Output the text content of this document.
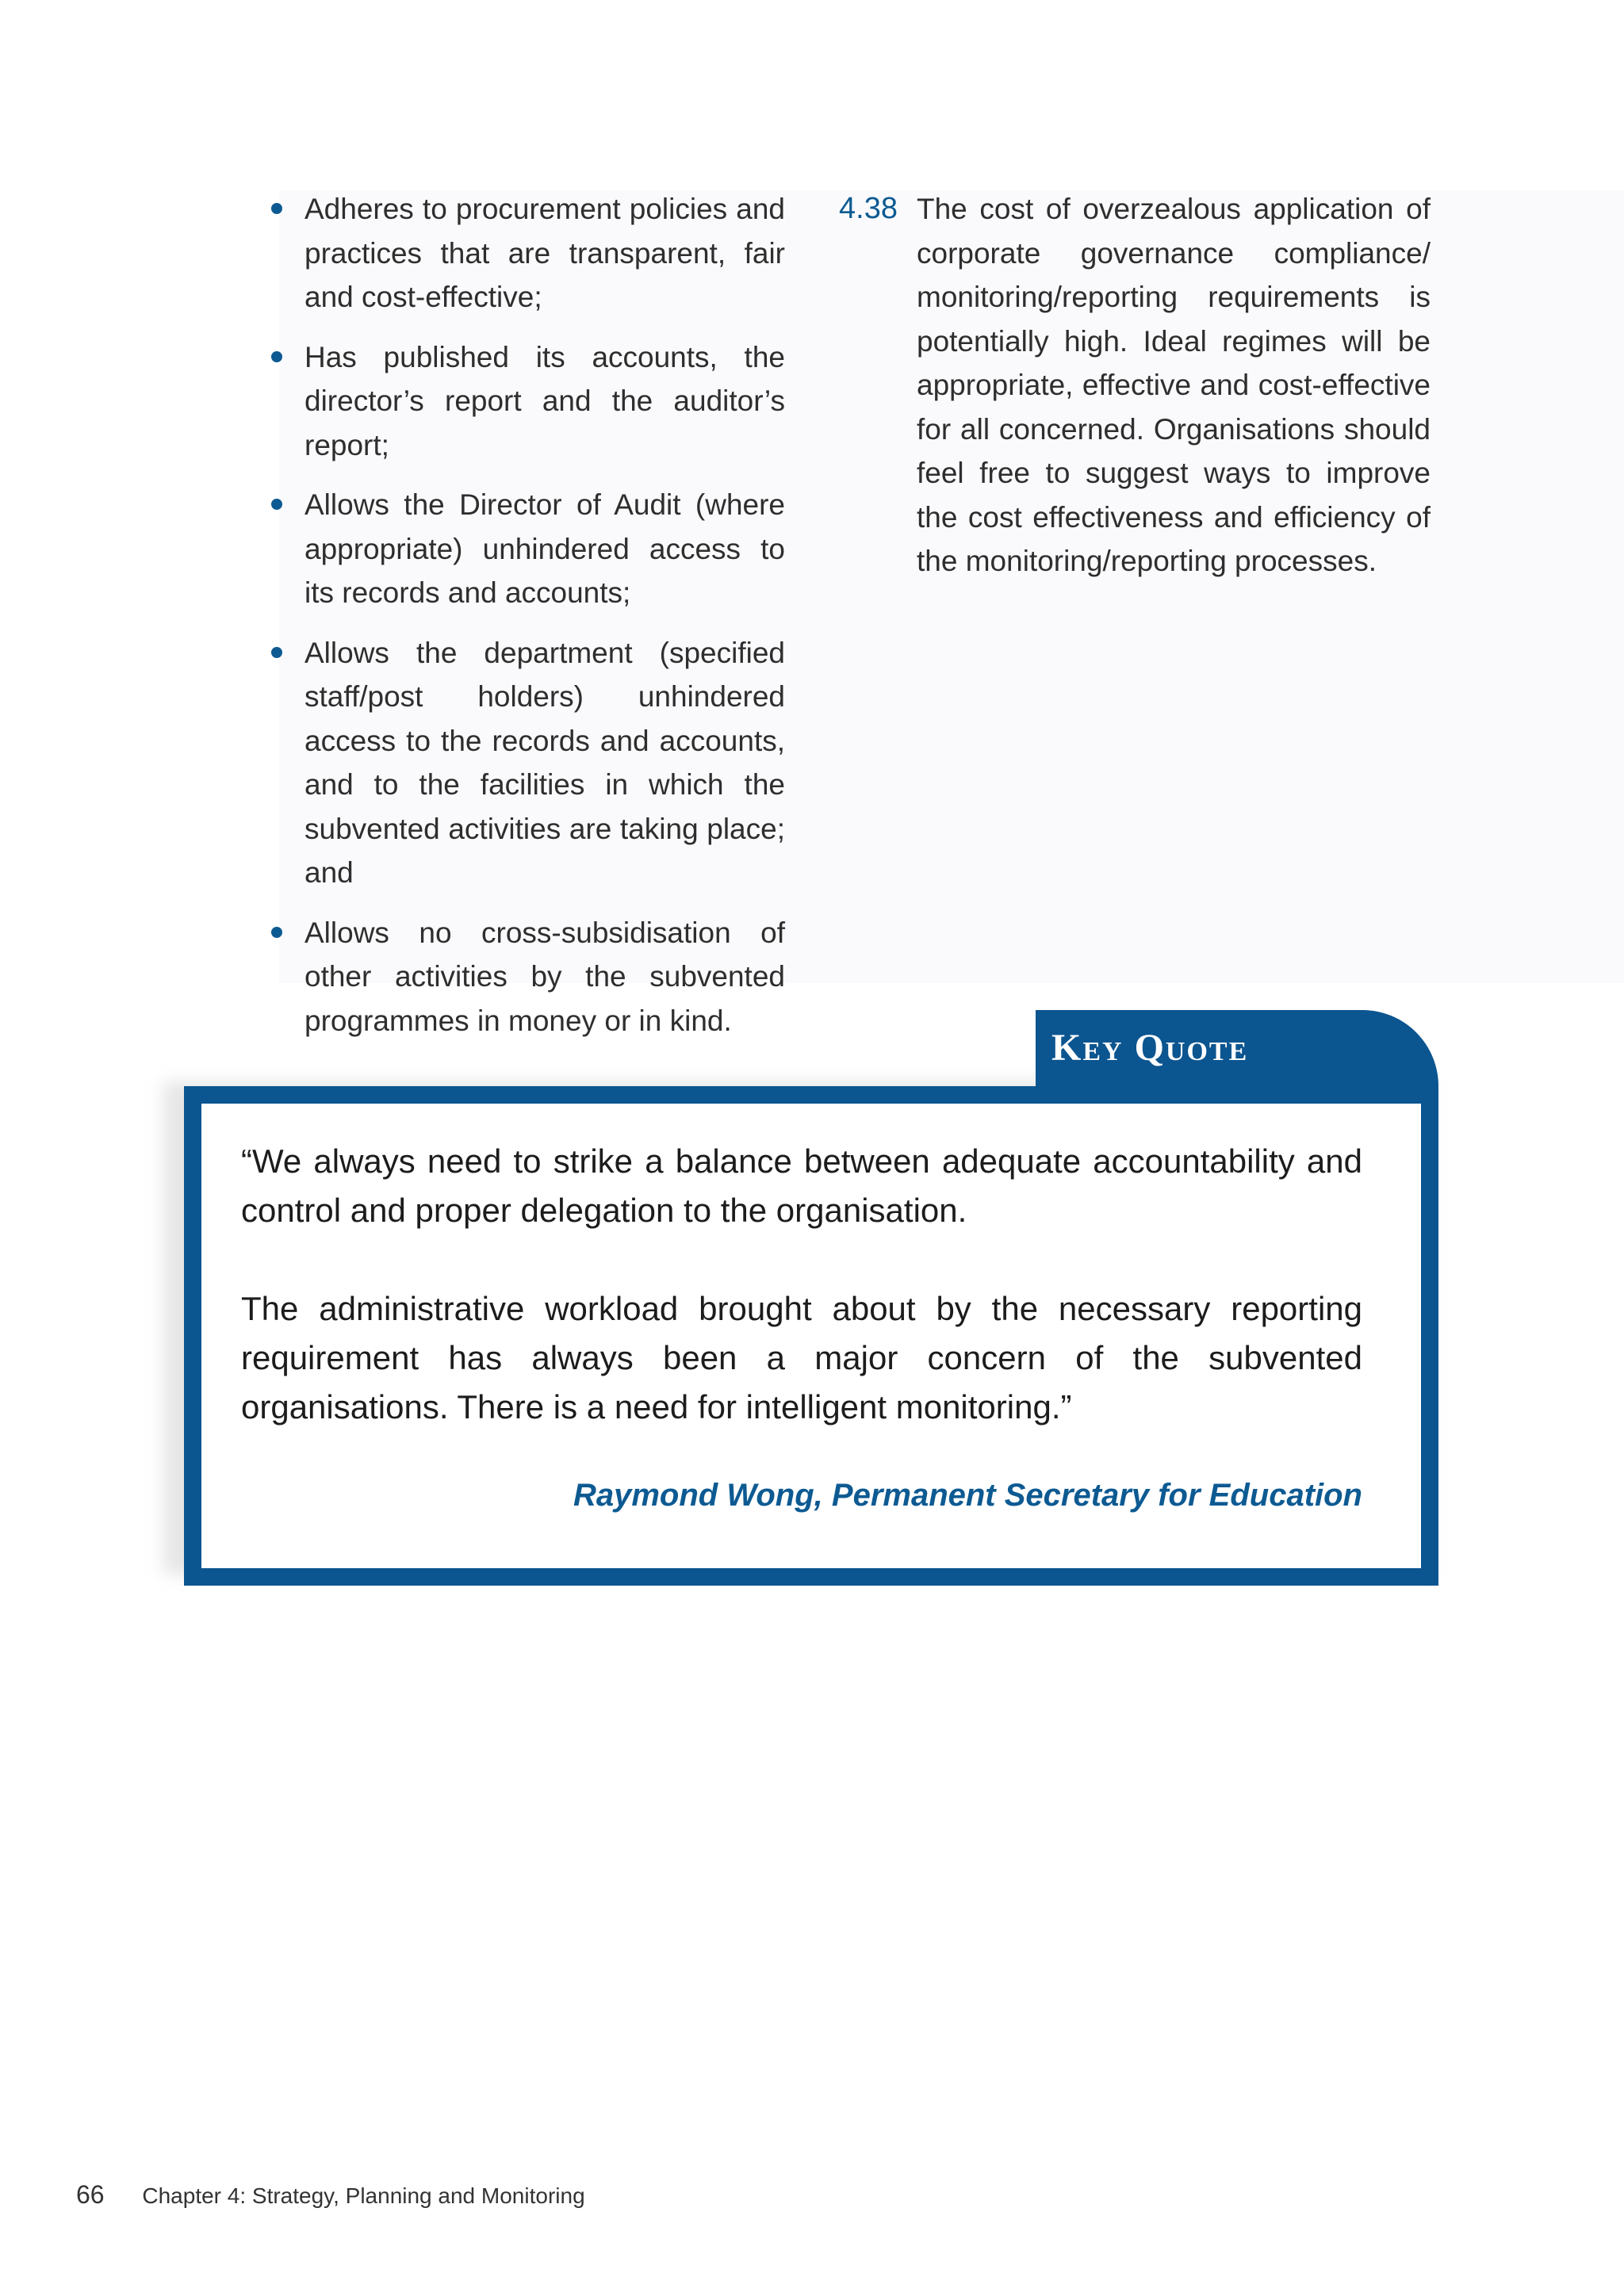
Adheres to procurement policies and practices that are transparent, fair and cost-effective;
Has published its accounts, the director’s report and the auditor’s report;
Allows the Director of Audit (where appropriate) unhindered access to its records and accounts;
Allows the department (specified staff/post holders) unhindered access to the records and accounts, and to the facilities in which the subvented activities are taking place; and
Allows no cross-subsidisation of other activities by the subvented programmes in money or in kind.
4.38 The cost of overzealous application of corporate governance compliance/ monitoring/reporting requirements is potentially high. Ideal regimes will be appropriate, effective and cost-effective for all concerned. Organisations should feel free to suggest ways to improve the cost effectiveness and efficiency of the monitoring/reporting processes.
Key Quote

“We always need to strike a balance between adequate accountability and control and proper delegation to the organisation.

The administrative workload brought about by the necessary reporting requirement has always been a major concern of the subvented organisations. There is a need for intelligent monitoring.”

Raymond Wong, Permanent Secretary for Education
66 Chapter 4: Strategy, Planning and Monitoring
